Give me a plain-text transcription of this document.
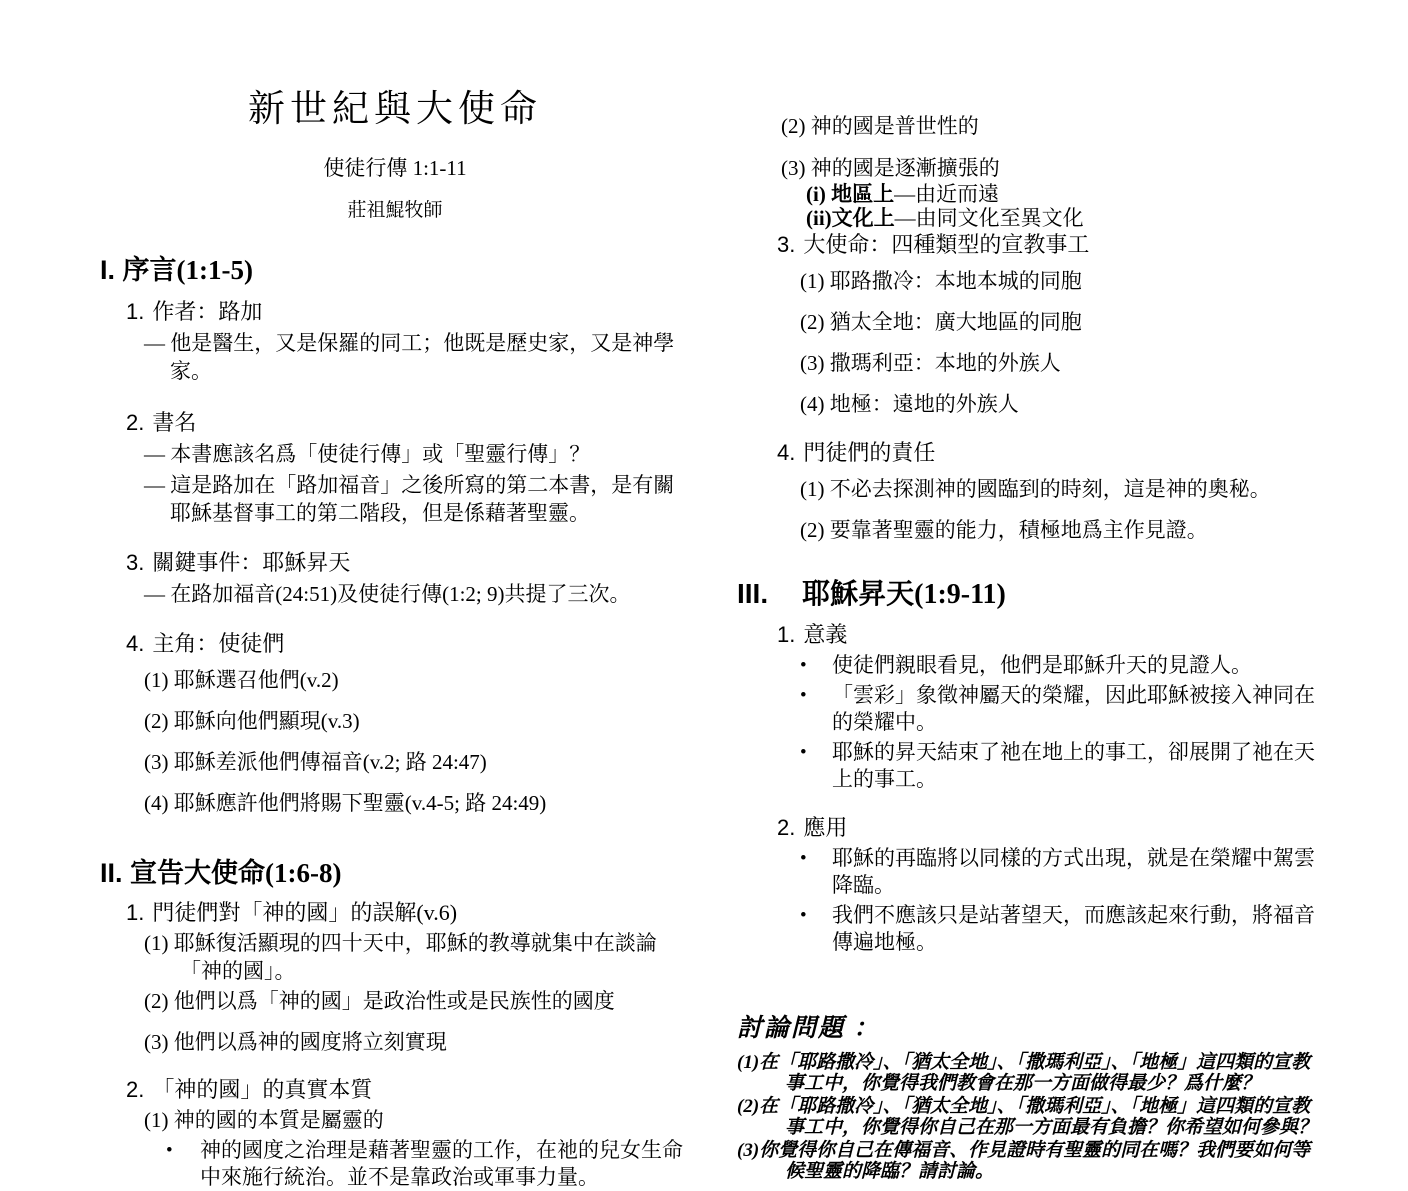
新世紀與大使命
使徒行傳 1:1-11
莊祖鯤牧師
I. 序言(1:1-5)
1. 作者：路加
— 他是醫生，又是保羅的同工；他既是歷史家，又是神學家。
2. 書名
— 本書應該名爲「使徒行傳」或「聖靈行傳」？
— 這是路加在「路加福音」之後所寫的第二本書，是有關耶穌基督事工的第二階段，但是係藉著聖靈。
3. 關鍵事件：耶穌昇天
— 在路加福音(24:51)及使徒行傳(1:2; 9)共提了三次。
4. 主角：使徒們
(1) 耶穌選召他們(v.2)
(2) 耶穌向他們顯現(v.3)
(3) 耶穌差派他們傳福音(v.2; 路 24:47)
(4) 耶穌應許他們將賜下聖靈(v.4-5; 路 24:49)
II. 宣告大使命(1:6-8)
1. 門徒們對「神的國」的誤解(v.6)
(1) 耶穌復活顯現的四十天中，耶穌的教導就集中在談論「神的國」。
(2) 他們以爲「神的國」是政治性或是民族性的國度
(3) 他們以爲神的國度將立刻實現
2. 「神的國」的真實本質
(1) 神的國的本質是屬靈的
• 神的國度之治理是藉著聖靈的工作，在祂的兒女生命中來施行統治。並不是靠政治或軍事力量。
(2) 神的國是普世性的
(3) 神的國是逐漸擴張的
(i) 地區上—由近而遠
(ii)文化上—由同文化至異文化
3. 大使命：四種類型的宣教事工
(1) 耶路撒冷：本地本城的同胞
(2) 猶太全地：廣大地區的同胞
(3) 撒瑪利亞：本地的外族人
(4) 地極：遠地的外族人
4. 門徒們的責任
(1) 不必去探測神的國臨到的時刻，這是神的奧秘。
(2) 要靠著聖靈的能力，積極地爲主作見證。
III. 耶穌昇天(1:9-11)
1. 意義
• 使徒們親眼看見，他們是耶穌升天的見證人。
• 「雲彩」象徵神屬天的榮耀，因此耶穌被接入神同在的榮耀中。
• 耶穌的昇天結束了祂在地上的事工，卻展開了祂在天上的事工。
2. 應用
• 耶穌的再臨將以同樣的方式出現，就是在榮耀中駕雲降臨。
• 我們不應該只是站著望天，而應該起來行動，將福音傳遍地極。
討論問題 ：
(1)在「耶路撒冷」、「猶太全地」、「撒瑪利亞」、「地極」這四類的宣教事工中，你覺得我們教會在那一方面做得最少？爲什麼？
(2)在「耶路撒冷」、「猶太全地」、「撒瑪利亞」、「地極」這四類的宣教事工中，你覺得你自己在那一方面最有負擔？你希望如何參與？
(3)你覺得你自己在傳福音、作見證時有聖靈的同在嗎？我們要如何等候聖靈的降臨？請討論。
